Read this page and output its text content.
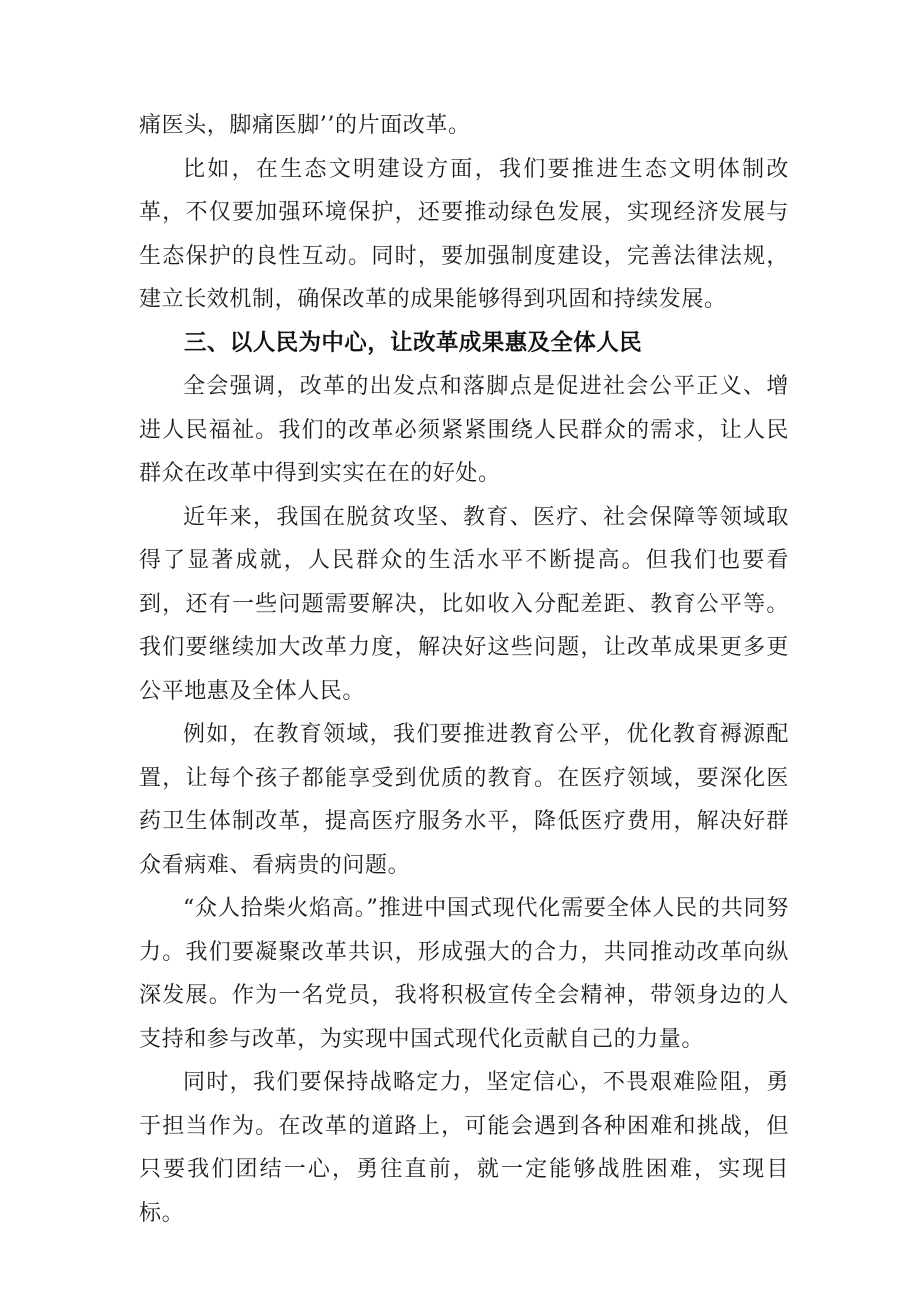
痛医头，脚痛医脚’’的片面改革。

比如，在生态文明建设方面，我们要推进生态文明体制改革，不仅要加强环境保护，还要推动绿色发展，实现经济发展与生态保护的良性互动。同时，要加强制度建设，完善法律法规，建立长效机制，确保改革的成果能够得到巩固和持续发展。

三、以人民为中心，让改革成果惠及全体人民

全会强调，改革的出发点和落脚点是促进社会公平正义、增进人民福祉。我们的改革必须紧紧围绕人民群众的需求，让人民群众在改革中得到实实在在的好处。

近年来，我国在脱贫攻坚、教育、医疗、社会保障等领域取得了显著成就，人民群众的生活水平不断提高。但我们也要看到，还有一些问题需要解决，比如收入分配差距、教育公平等。我们要继续加大改革力度，解决好这些问题，让改革成果更多更公平地惠及全体人民。

例如，在教育领域，我们要推进教育公平，优化教育褥源配置，让每个孩子都能享受到优质的教育。在医疗领域，要深化医药卫生体制改革，提高医疗服务水平，降低医疗费用，解决好群众看病难、看病贵的问题。

“众人拾柴火焰高。”推进中国式现代化需要全体人民的共同努力。我们要凝聚改革共识，形成强大的合力，共同推动改革向纵深发展。作为一名党员，我将积极宣传全会精神，带领身边的人支持和参与改革，为实现中国式现代化贡献自己的力量。

同时，我们要保持战略定力，坚定信心，不畏艰难险阻，勇于担当作为。在改革的道路上，可能会遇到各种困难和挑战，但只要我们团结一心，勇往直前，就一定能够战胜困难，实现目标。
